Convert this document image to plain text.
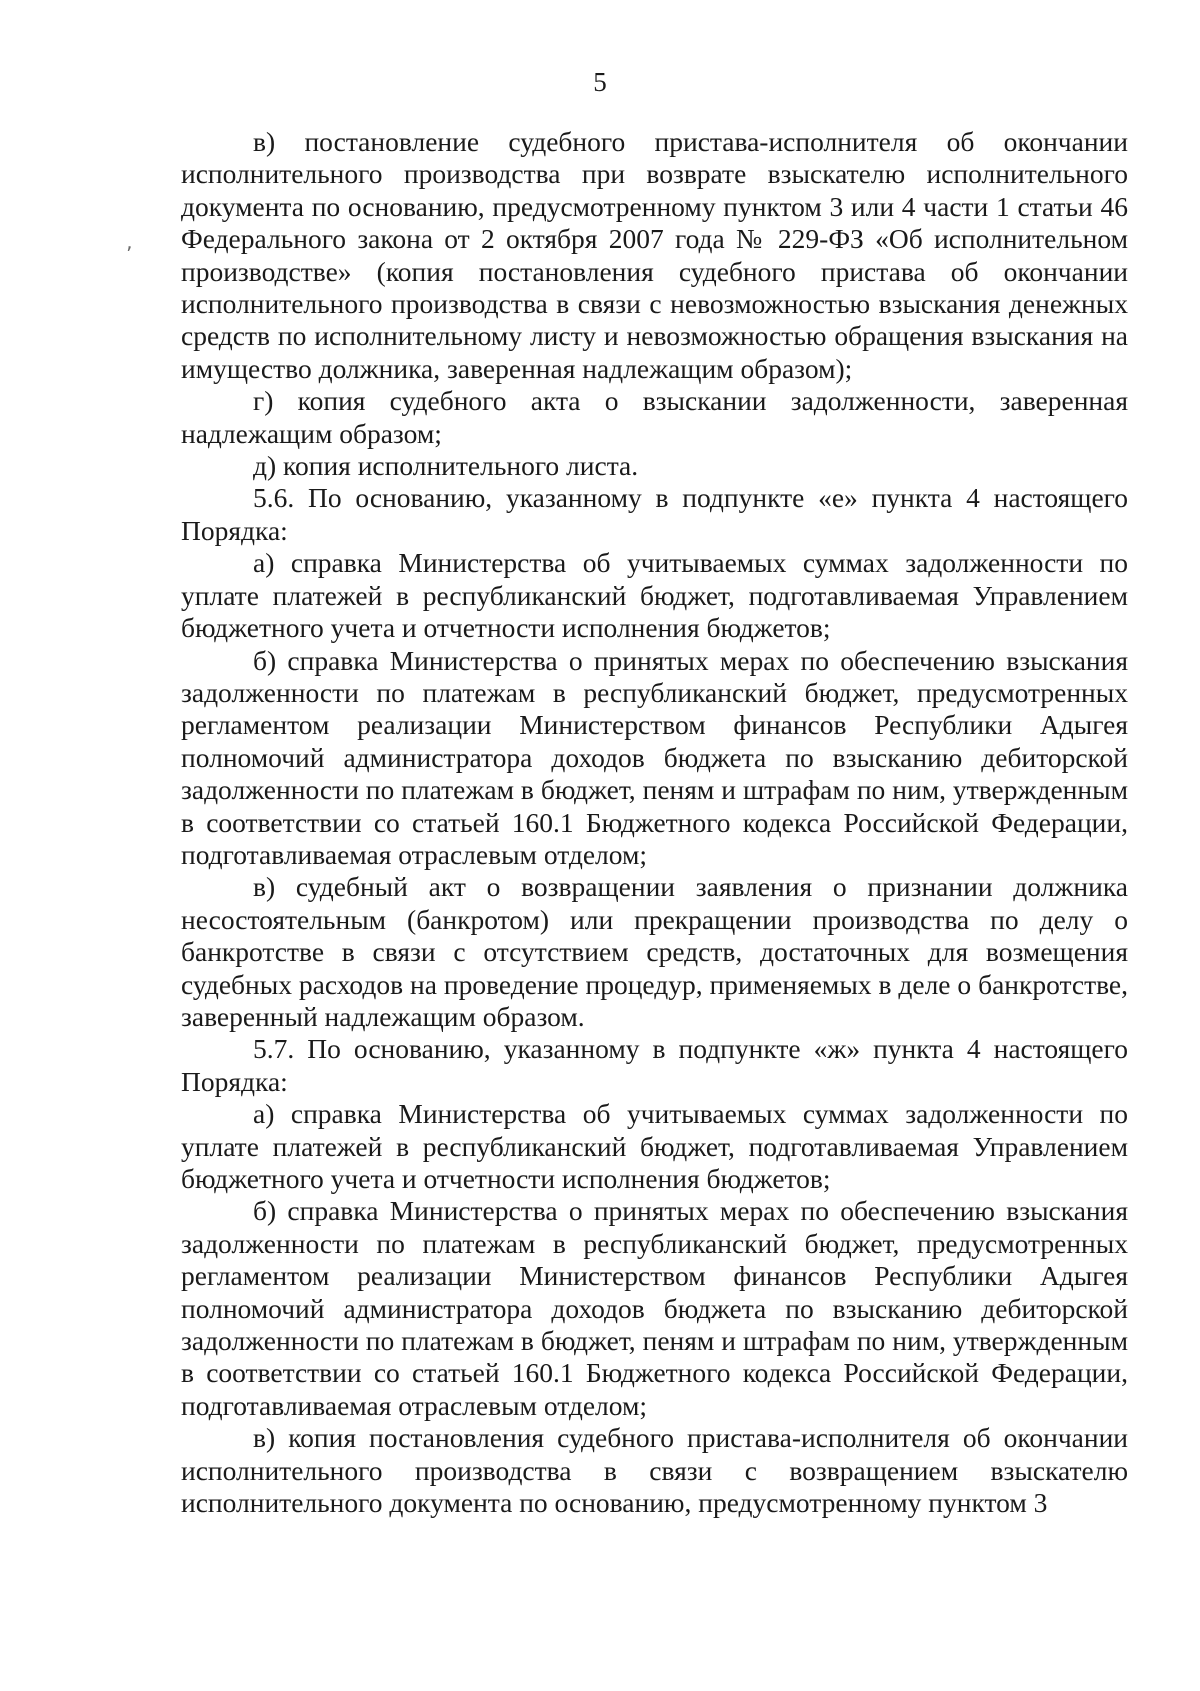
5
ʼ

в) постановление судебного пристава-исполнителя об окончании исполнительного производства при возврате взыскателю исполнительного документа по основанию, предусмотренному пунктом 3 или 4 части 1 статьи 46 Федерального закона от 2 октября 2007 года № 229-ФЗ «Об исполнительном производстве» (копия постановления судебного пристава об окончании исполнительного производства в связи с невозможностью взыскания денежных средств по исполнительному листу и невозможностью обращения взыскания на имущество должника, заверенная надлежащим образом);

г) копия судебного акта о взыскании задолженности, заверенная надлежащим образом;

д) копия исполнительного листа.

5.6. По основанию, указанному в подпункте «е» пункта 4 настоящего Порядка:

а) справка Министерства об учитываемых суммах задолженности по уплате платежей в республиканский бюджет, подготавливаемая Управлением бюджетного учета и отчетности исполнения бюджетов;

б) справка Министерства о принятых мерах по обеспечению взыскания задолженности по платежам в республиканский бюджет, предусмотренных регламентом реализации Министерством финансов Республики Адыгея полномочий администратора доходов бюджета по взысканию дебиторской задолженности по платежам в бюджет, пеням и штрафам по ним, утвержденным в соответствии со статьей 160.1 Бюджетного кодекса Российской Федерации, подготавливаемая отраслевым отделом;

в) судебный акт о возвращении заявления о признании должника несостоятельным (банкротом) или прекращении производства по делу о банкротстве в связи с отсутствием средств, достаточных для возмещения судебных расходов на проведение процедур, применяемых в деле о банкротстве, заверенный надлежащим образом.

5.7. По основанию, указанному в подпункте «ж» пункта 4 настоящего Порядка:

а) справка Министерства об учитываемых суммах задолженности по уплате платежей в республиканский бюджет, подготавливаемая Управлением бюджетного учета и отчетности исполнения бюджетов;

б) справка Министерства о принятых мерах по обеспечению взыскания задолженности по платежам в республиканский бюджет, предусмотренных регламентом реализации Министерством финансов Республики Адыгея полномочий администратора доходов бюджета по взысканию дебиторской задолженности по платежам в бюджет, пеням и штрафам по ним, утвержденным в соответствии со статьей 160.1 Бюджетного кодекса Российской Федерации, подготавливаемая отраслевым отделом;

в) копия постановления судебного пристава-исполнителя об окончании исполнительного производства в связи с возвращением взыскателю исполнительного документа по основанию, предусмотренному пунктом 3
